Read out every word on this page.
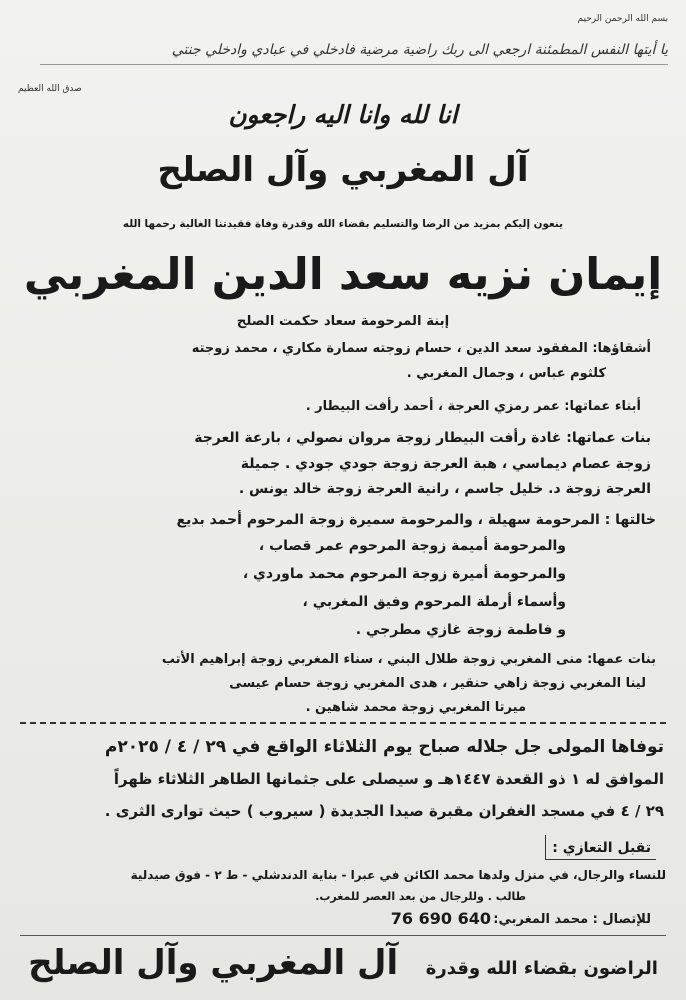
بسم الله الرحمن الرحيم
يا أيتها النفس المطمئنة ارجعي الى ربك راضية مرضية فادخلي في عبادي وادخلي جنتي
صدق الله العظيم
انا لله وانا اليه راجعون
آل المغربي وآل الصلح
ينعون إليكم بمزيد من الرضا والتسليم بقضاء الله وقدرة وفاة فقيدتنا الغالية رحمها الله
إيمان نزيه سعد الدين المغربي
إبنة المرحومة سعاد حكمت الصلح
أشقاؤها: المفقود سعد الدين ، حسام زوجته سمارة مكاري ، محمد زوجته
كلثوم عباس ، وجمال المغربي .
أبناء عماتها: عمر رمزي العرجة ، أحمد رأفت البيطار .
بنات عماتها: غادة رأفت البيطار زوجة مروان نصولي ، بارعة العرجة
زوجة عصام ديماسي ، هبة العرجة زوجة جودي جودي . جميلة
العرجة زوجة د. خليل جاسم ، رانية العرجة زوجة خالد يونس .
خالتها : المرحومة سهيلة ، والمرحومة سميرة زوجة المرحوم أحمد بديع
والمرحومة أميمة زوجة المرحوم عمر قصاب ،
والمرحومة أميرة زوجة المرحوم محمد ماوردي ،
وأسماء أرملة المرحوم وفيق المغربي ،
و فاطمة زوجة غازي مطرجي .
بنات عمها: منى المغربي زوجة طلال البني ، سناء المغربي زوجة إبراهيم الأتب
لينا المغربي زوجة زاهي حنقير ، هدى المغربي زوجة حسام عيسى
ميرتا المغربي زوجة محمد شاهين .
توفاها المولى جل جلاله صباح يوم الثلاثاء الواقع في ٢٩ / ٤ / ٢٠٢٥م
الموافق له ١ ذو القعدة ١٤٤٧هـ و سيصلى على جثمانها الطاهر الثلاثاء ظهراً
٢٩ / ٤ في مسجد الغفران مقبرة صيدا الجديدة ( سيروب ) حيث توارى الثرى .
تقبل التعازي :
للنساء والرجال، في منزل ولدها محمد الكائن في عبرا - بناية الدندشلي - ط ٢ - فوق صيدلية
طالب . وللرجال من بعد العصر للمغرب.
للإتصال : محمد المغربي:
76 690 640
الراضون بقضاء الله وقدرة  آل المغربي وآل الصلح
